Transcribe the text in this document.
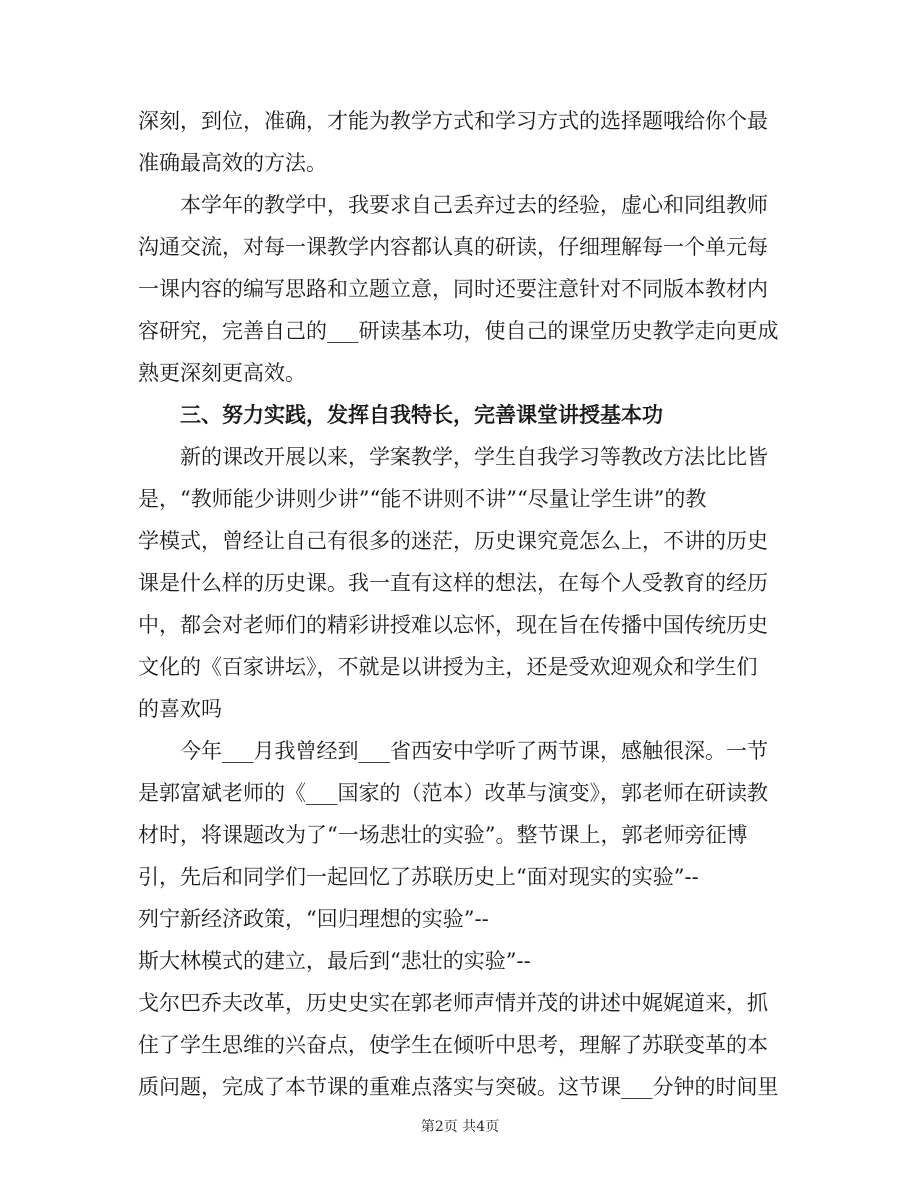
深刻，到位，准确，才能为教学方式和学习方式的选择题哦给你个最
准确最高效的方法。
本学年的教学中，我要求自己丢弃过去的经验，虚心和同组教师
沟通交流，对每一课教学内容都认真的研读，仔细理解每一个单元每
一课内容的编写思路和立题立意，同时还要注意针对不同版本教材内
容研究，完善自己的___研读基本功，使自己的课堂历史教学走向更成
熟更深刻更高效。
三、努力实践，发挥自我特长，完善课堂讲授基本功
新的课改开展以来，学案教学，学生自我学习等教改方法比比皆
是，“教师能少讲则少讲”“能不讲则不讲”“尽量让学生讲”的教
学模式，曾经让自己有很多的迷茫，历史课究竟怎么上，不讲的历史
课是什么样的历史课。我一直有这样的想法，在每个人受教育的经历
中，都会对老师们的精彩讲授难以忘怀，现在旨在传播中国传统历史
文化的《百家讲坛》，不就是以讲授为主，还是受欢迎观众和学生们
的喜欢吗
今年___月我曾经到___省西安中学听了两节课，感触很深。一节
是郭富斌老师的《___国家的（范本）改革与演变》，郭老师在研读教
材时，将课题改为了“一场悲壮的实验”。整节课上，郭老师旁征博
引，先后和同学们一起回忆了苏联历史上“面对现实的实验”--
列宁新经济政策，“回归理想的实验”--
斯大林模式的建立，最后到“悲壮的实验”--
戈尔巴乔夫改革，历史史实在郭老师声情并茂的讲述中娓娓道来，抓
住了学生思维的兴奋点，使学生在倾听中思考，理解了苏联变革的本
质问题，完成了本节课的重难点落实与突破。这节课___分钟的时间里
第2页 共4页
